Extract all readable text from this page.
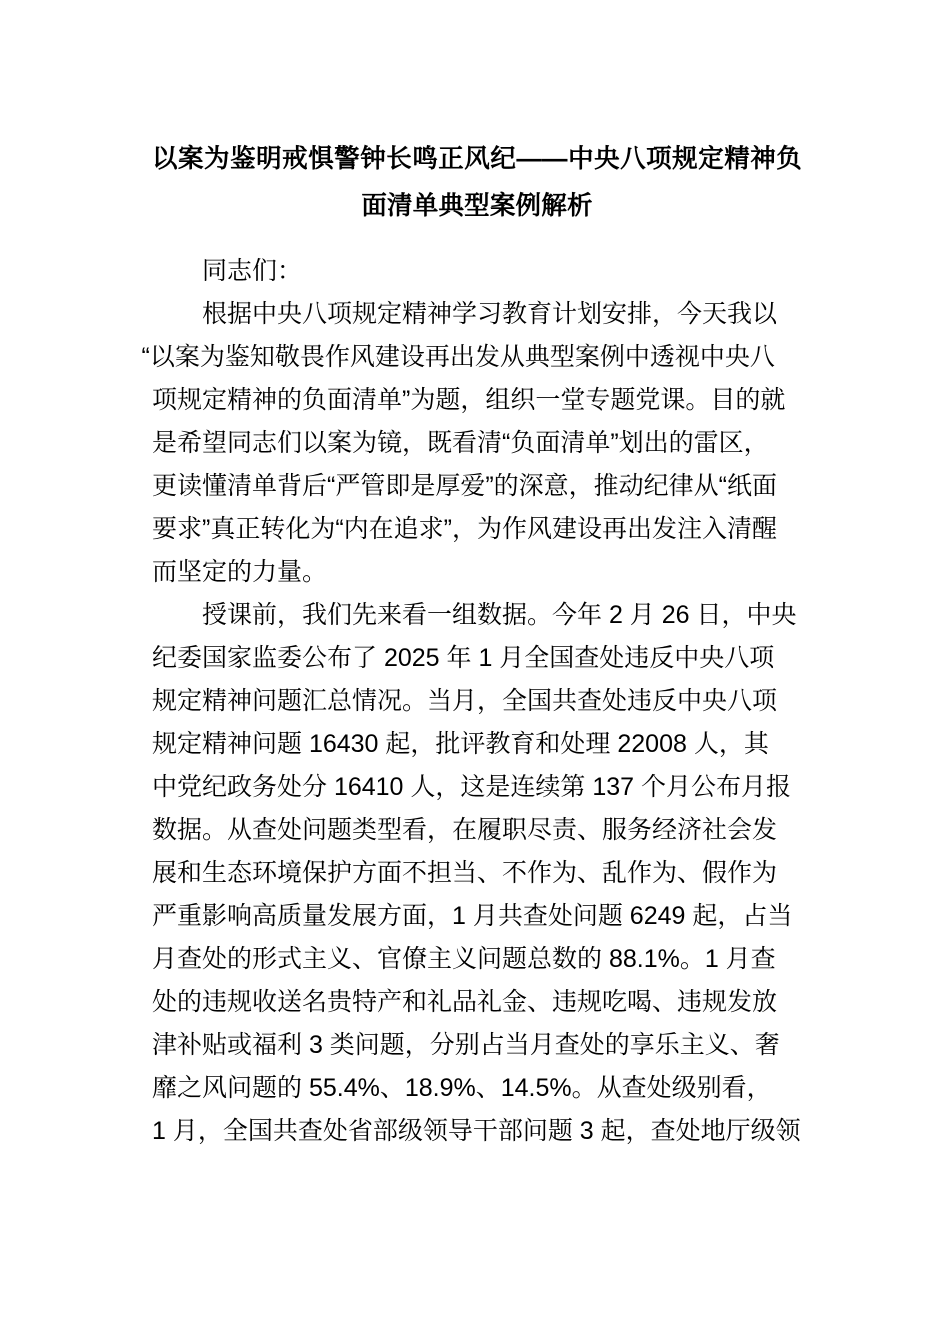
以案为鉴明戒惧警钟长鸣正风纪——中央八项规定精神负
面清单典型案例解析

同志们：

根据中央八项规定精神学习教育计划安排，今天我以
“以案为鉴知敬畏作风建设再出发从典型案例中透视中央八
项规定精神的负面清单”为题，组织一堂专题党课。目的就
是希望同志们以案为镜，既看清“负面清单”划出的雷区，
更读懂清单背后“严管即是厚爱”的深意，推动纪律从“纸面
要求”真正转化为“内在追求”，为作风建设再出发注入清醒
而坚定的力量。

授课前，我们先来看一组数据。今年 2 月 26 日，中央
纪委国家监委公布了 2025 年 1 月全国查处违反中央八项
规定精神问题汇总情况。当月，全国共查处违反中央八项
规定精神问题 16430 起，批评教育和处理 22008 人，其
中党纪政务处分 16410 人，这是连续第 137 个月公布月报
数据。从查处问题类型看，在履职尽责、服务经济社会发
展和生态环境保护方面不担当、不作为、乱作为、假作为
严重影响高质量发展方面，1 月共查处问题 6249 起，占当
月查处的形式主义、官僚主义问题总数的 88.1%。1 月查
处的违规收送名贵特产和礼品礼金、违规吃喝、违规发放
津补贴或福利 3 类问题，分别占当月查处的享乐主义、奢
靡之风问题的 55.4%、18.9%、14.5%。从查处级别看，
1 月，全国共查处省部级领导干部问题 3 起，查处地厅级领
